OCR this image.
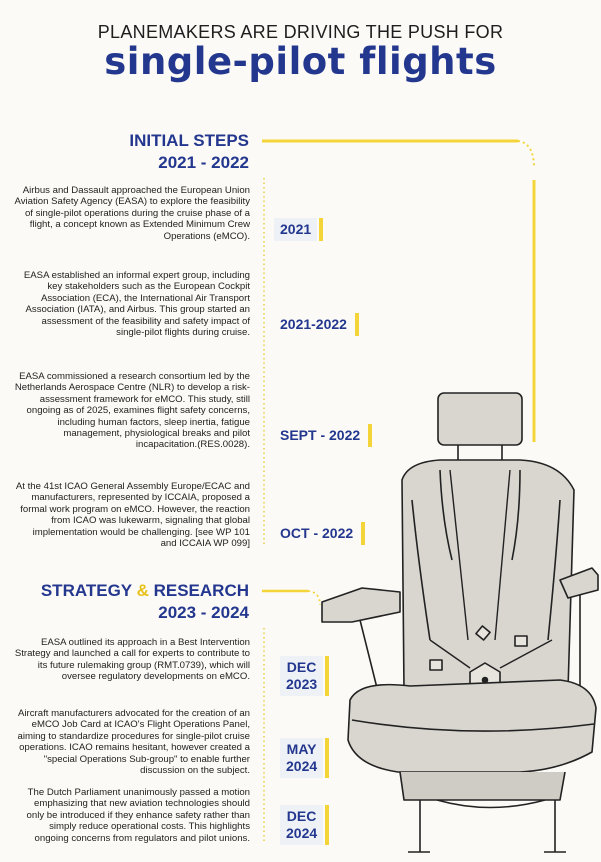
PLANEMAKERS ARE DRIVING THE PUSH FOR
single-pilot flights
INITIAL STEPS
2021 - 2022
Airbus and Dassault approached the European Union Aviation Safety Agency (EASA) to explore the feasibility of single-pilot operations during the cruise phase of a flight, a concept known as Extended Minimum Crew Operations (eMCO).	2021
EASA established an informal expert group, including key stakeholders such as the European Cockpit Association (ECA), the International Air Transport Association (IATA), and Airbus. This group started an assessment of the feasibility and safety impact of single-pilot flights during cruise.
2021-2022
EASA commissioned a research consortium led by the Netherlands Aerospace Centre (NLR) to develop a risk-assessment framework for eMCO. This study, still ongoing as of 2025, examines flight safety concerns, including human factors, sleep inertia, fatigue management, physiological breaks and pilot incapacitation.(RES.0028).
SEPT - 2022
At the 41st ICAO General Assembly Europe/ECAC and manufacturers, represented by ICCAIA, proposed a formal work program on eMCO. However, the reaction from ICAO was lukewarm, signaling that global implementation would be challenging. [see WP 101 and ICCAIA WP 099]
OCT - 2022
STRATEGY & RESEARCH
2023 - 2024
EASA outlined its approach in a Best Intervention Strategy and launched a call for experts to contribute to its future rulemaking group (RMT.0739), which will oversee regulatory developments on eMCO.
DEC
2023
Aircraft manufacturers advocated for the creation of an eMCO Job Card at ICAO's Flight Operations Panel, aiming to standardize procedures for single-pilot cruise operations. ICAO remains hesitant, however created a "special Operations Sub-group" to enable further discussion on the subject.
MAY
2024
The Dutch Parliament unanimously passed a motion emphasizing that new aviation technologies should only be introduced if they enhance safety rather than simply reduce operational costs. This highlights ongoing concerns from regulators and pilot unions.
DEC
2024
